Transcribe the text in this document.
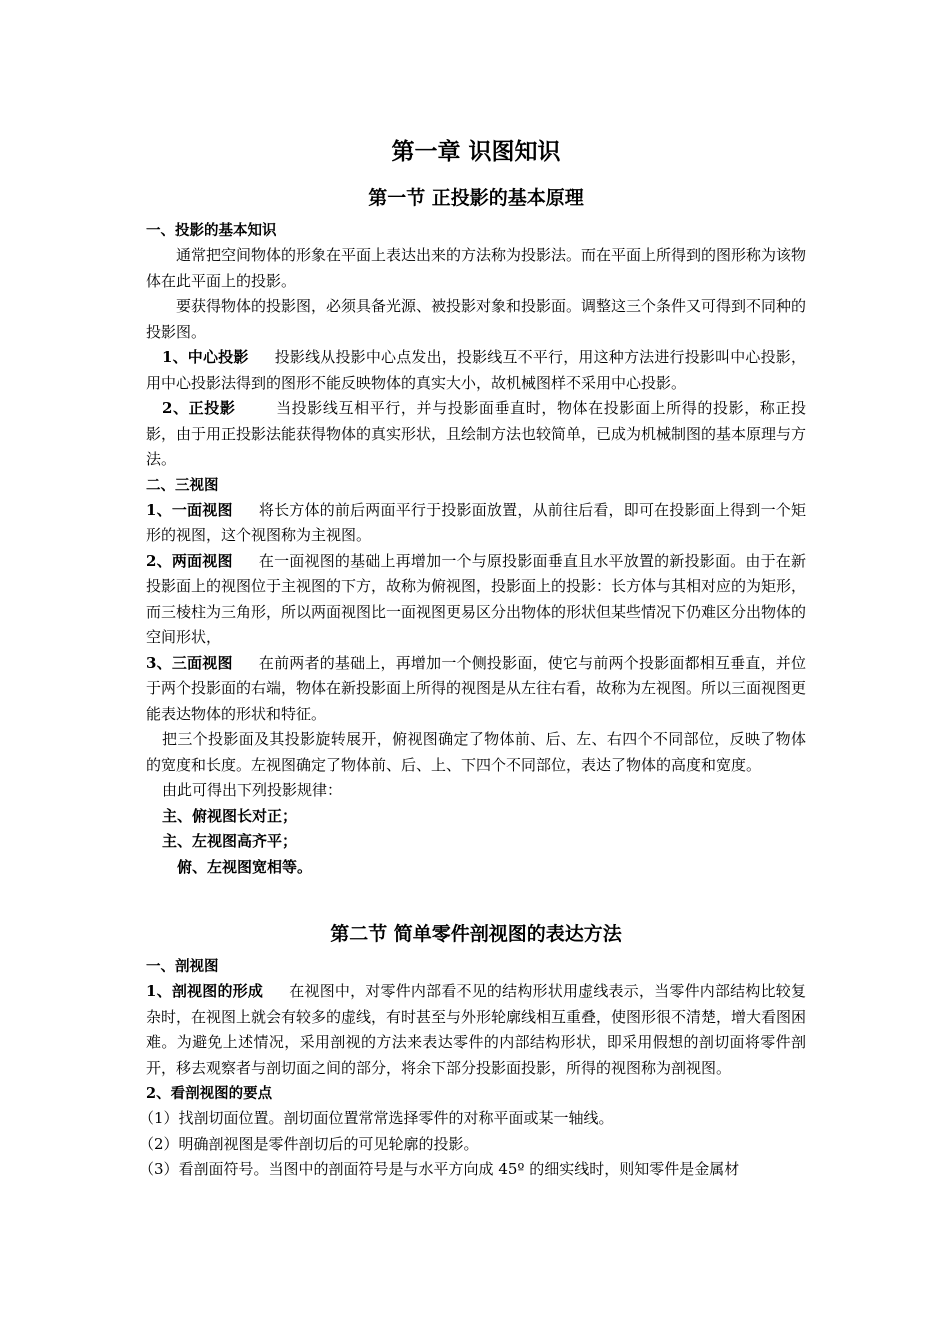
第一章 识图知识
第一节 正投影的基本原理

一、投影的基本知识

通常把空间物体的形象在平面上表达出来的方法称为投影法。而在平面上所得到的图形称为该物体在此平面上的投影。

要获得物体的投影图，必须具备光源、被投影对象和投影面。调整这三个条件又可得到不同种的投影图。

1、中心投影 投影线从投影中心点发出，投影线互不平行，用这种方法进行投影叫中心投影，用中心投影法得到的图形不能反映物体的真实大小，故机械图样不采用中心投影。

2、正投影	当投影线互相平行，并与投影面垂直时，物体在投影面上所得的投影，称正投影，由于用正投影法能获得物体的真实形状，且绘制方法也较简单，已成为机械制图的基本原理与方法。

二、三视图

1、一面视图 将长方体的前后两面平行于投影面放置，从前往后看，即可在投影面上得到一个矩形的视图，这个视图称为主视图。

2、两面视图 在一面视图的基础上再增加一个与原投影面垂直且水平放置的新投影面。由于在新投影面上的视图位于主视图的下方，故称为俯视图，投影面上的投影：长方体与其相对应的为矩形，而三棱柱为三角形，所以两面视图比一面视图更易区分出物体的形状但某些情况下仍难区分出物体的空间形状，

3、三面视图 在前两者的基础上，再增加一个侧投影面，使它与前两个投影面都相互垂直，并位于两个投影面的右端，物体在新投影面上所得的视图是从左往右看，故称为左视图。所以三面视图更能表达物体的形状和特征。

把三个投影面及其投影旋转展开，俯视图确定了物体前、后、左、右四个不同部位，反映了物体的宽度和长度。左视图确定了物体前、后、上、下四个不同部位，表达了物体的高度和宽度。

由此可得出下列投影规律：

主、俯视图长对正；

主、左视图高齐平；

俯、左视图宽相等。

第二节 简单零件剖视图的表达方法

一、剖视图

1、剖视图的形成 在视图中，对零件内部看不见的结构形状用虚线表示，当零件内部结构比较复杂时，在视图上就会有较多的虚线，有时甚至与外形轮廓线相互重叠，使图形很不清楚，增大看图困难。为避免上述情况，采用剖视的方法来表达零件的内部结构形状，即采用假想的剖切面将零件剖开，移去观察者与剖切面之间的部分，将余下部分投影面投影，所得的视图称为剖视图。

2、看剖视图的要点

（1）找剖切面位置。剖切面位置常常选择零件的对称平面或某一轴线。

（2）明确剖视图是零件剖切后的可见轮廓的投影。

（3）看剖面符号。当图中的剖面符号是与水平方向成 45º 的细实线时，则知零件是金属材
